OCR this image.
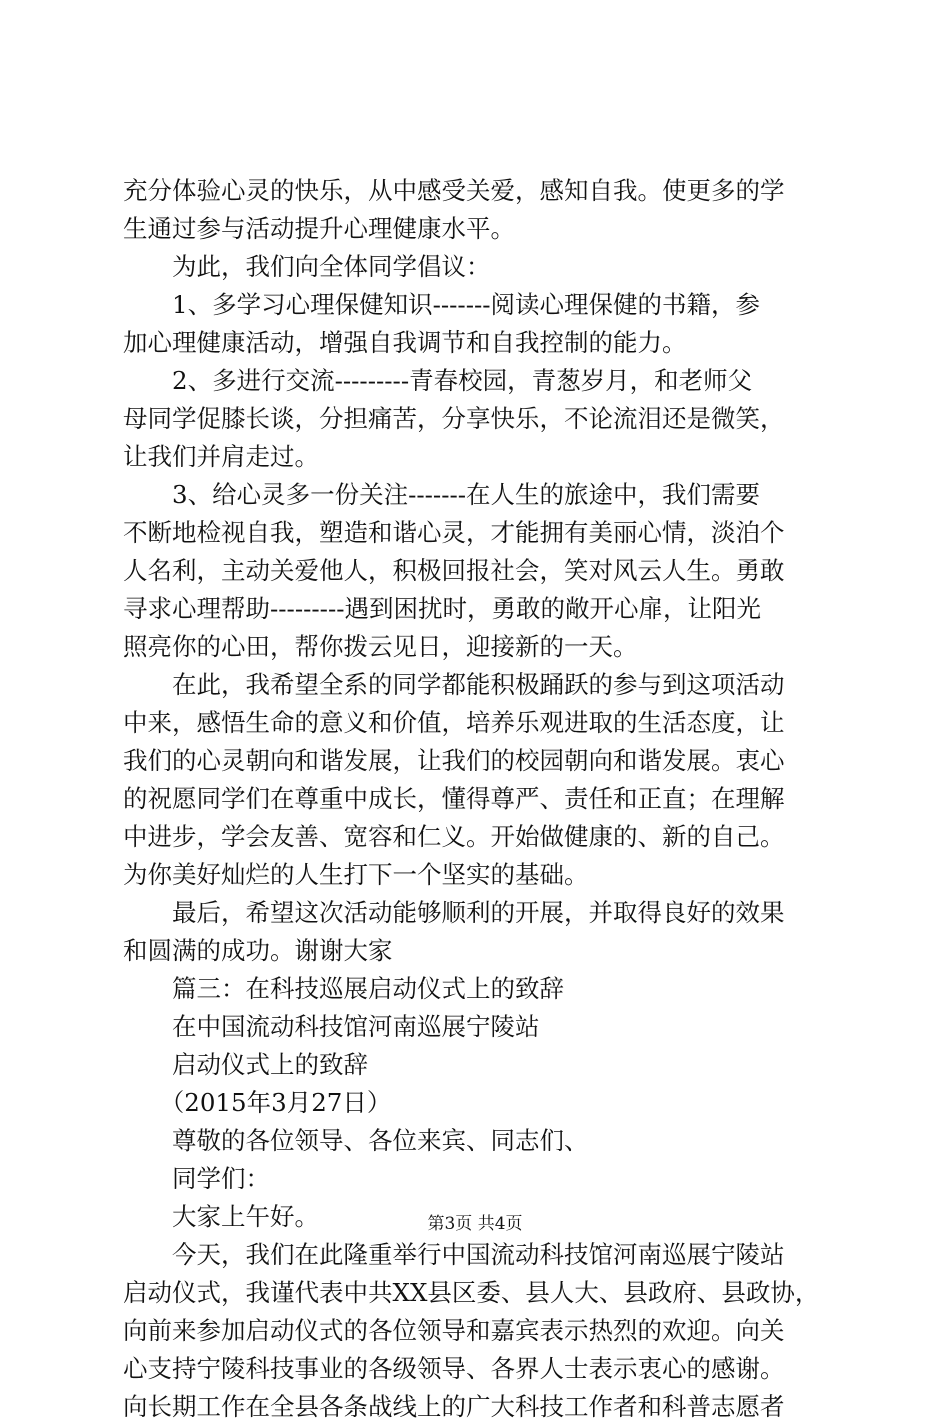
充分体验心灵的快乐，从中感受关爱，感知自我。使更多的学
生通过参与活动提升心理健康水平。
　　为此，我们向全体同学倡议：
　　1、多学习心理保健知识-------阅读心理保健的书籍，参
加心理健康活动，增强自我调节和自我控制的能力。
　　2、多进行交流---------青春校园，青葱岁月，和老师父
母同学促膝长谈，分担痛苦，分享快乐，不论流泪还是微笑，
让我们并肩走过。
　　3、给心灵多一份关注-------在人生的旅途中，我们需要
不断地检视自我，塑造和谐心灵，才能拥有美丽心情，淡泊个
人名利，主动关爱他人，积极回报社会，笑对风云人生。勇敢
寻求心理帮助---------遇到困扰时，勇敢的敞开心扉，让阳光
照亮你的心田，帮你拨云见日，迎接新的一天。
　　在此，我希望全系的同学都能积极踊跃的参与到这项活动
中来，感悟生命的意义和价值，培养乐观进取的生活态度，让
我们的心灵朝向和谐发展，让我们的校园朝向和谐发展。衷心
的祝愿同学们在尊重中成长，懂得尊严、责任和正直；在理解
中进步，学会友善、宽容和仁义。开始做健康的、新的自己。
为你美好灿烂的人生打下一个坚实的基础。
　　最后，希望这次活动能够顺利的开展，并取得良好的效果
和圆满的成功。谢谢大家
　　篇三：在科技巡展启动仪式上的致辞
　　在中国流动科技馆河南巡展宁陵站
　　启动仪式上的致辞
　　（2015年3月27日）
　　尊敬的各位领导、各位来宾、同志们、
　　同学们：
　　大家上午好。
　　今天，我们在此隆重举行中国流动科技馆河南巡展宁陵站
启动仪式，我谨代表中共XX县区委、县人大、县政府、县政协，
向前来参加启动仪式的各位领导和嘉宾表示热烈的欢迎。向关
心支持宁陵科技事业的各级领导、各界人士表示衷心的感谢。
向长期工作在全县各条战线上的广大科技工作者和科普志愿者
第3页 共4页
